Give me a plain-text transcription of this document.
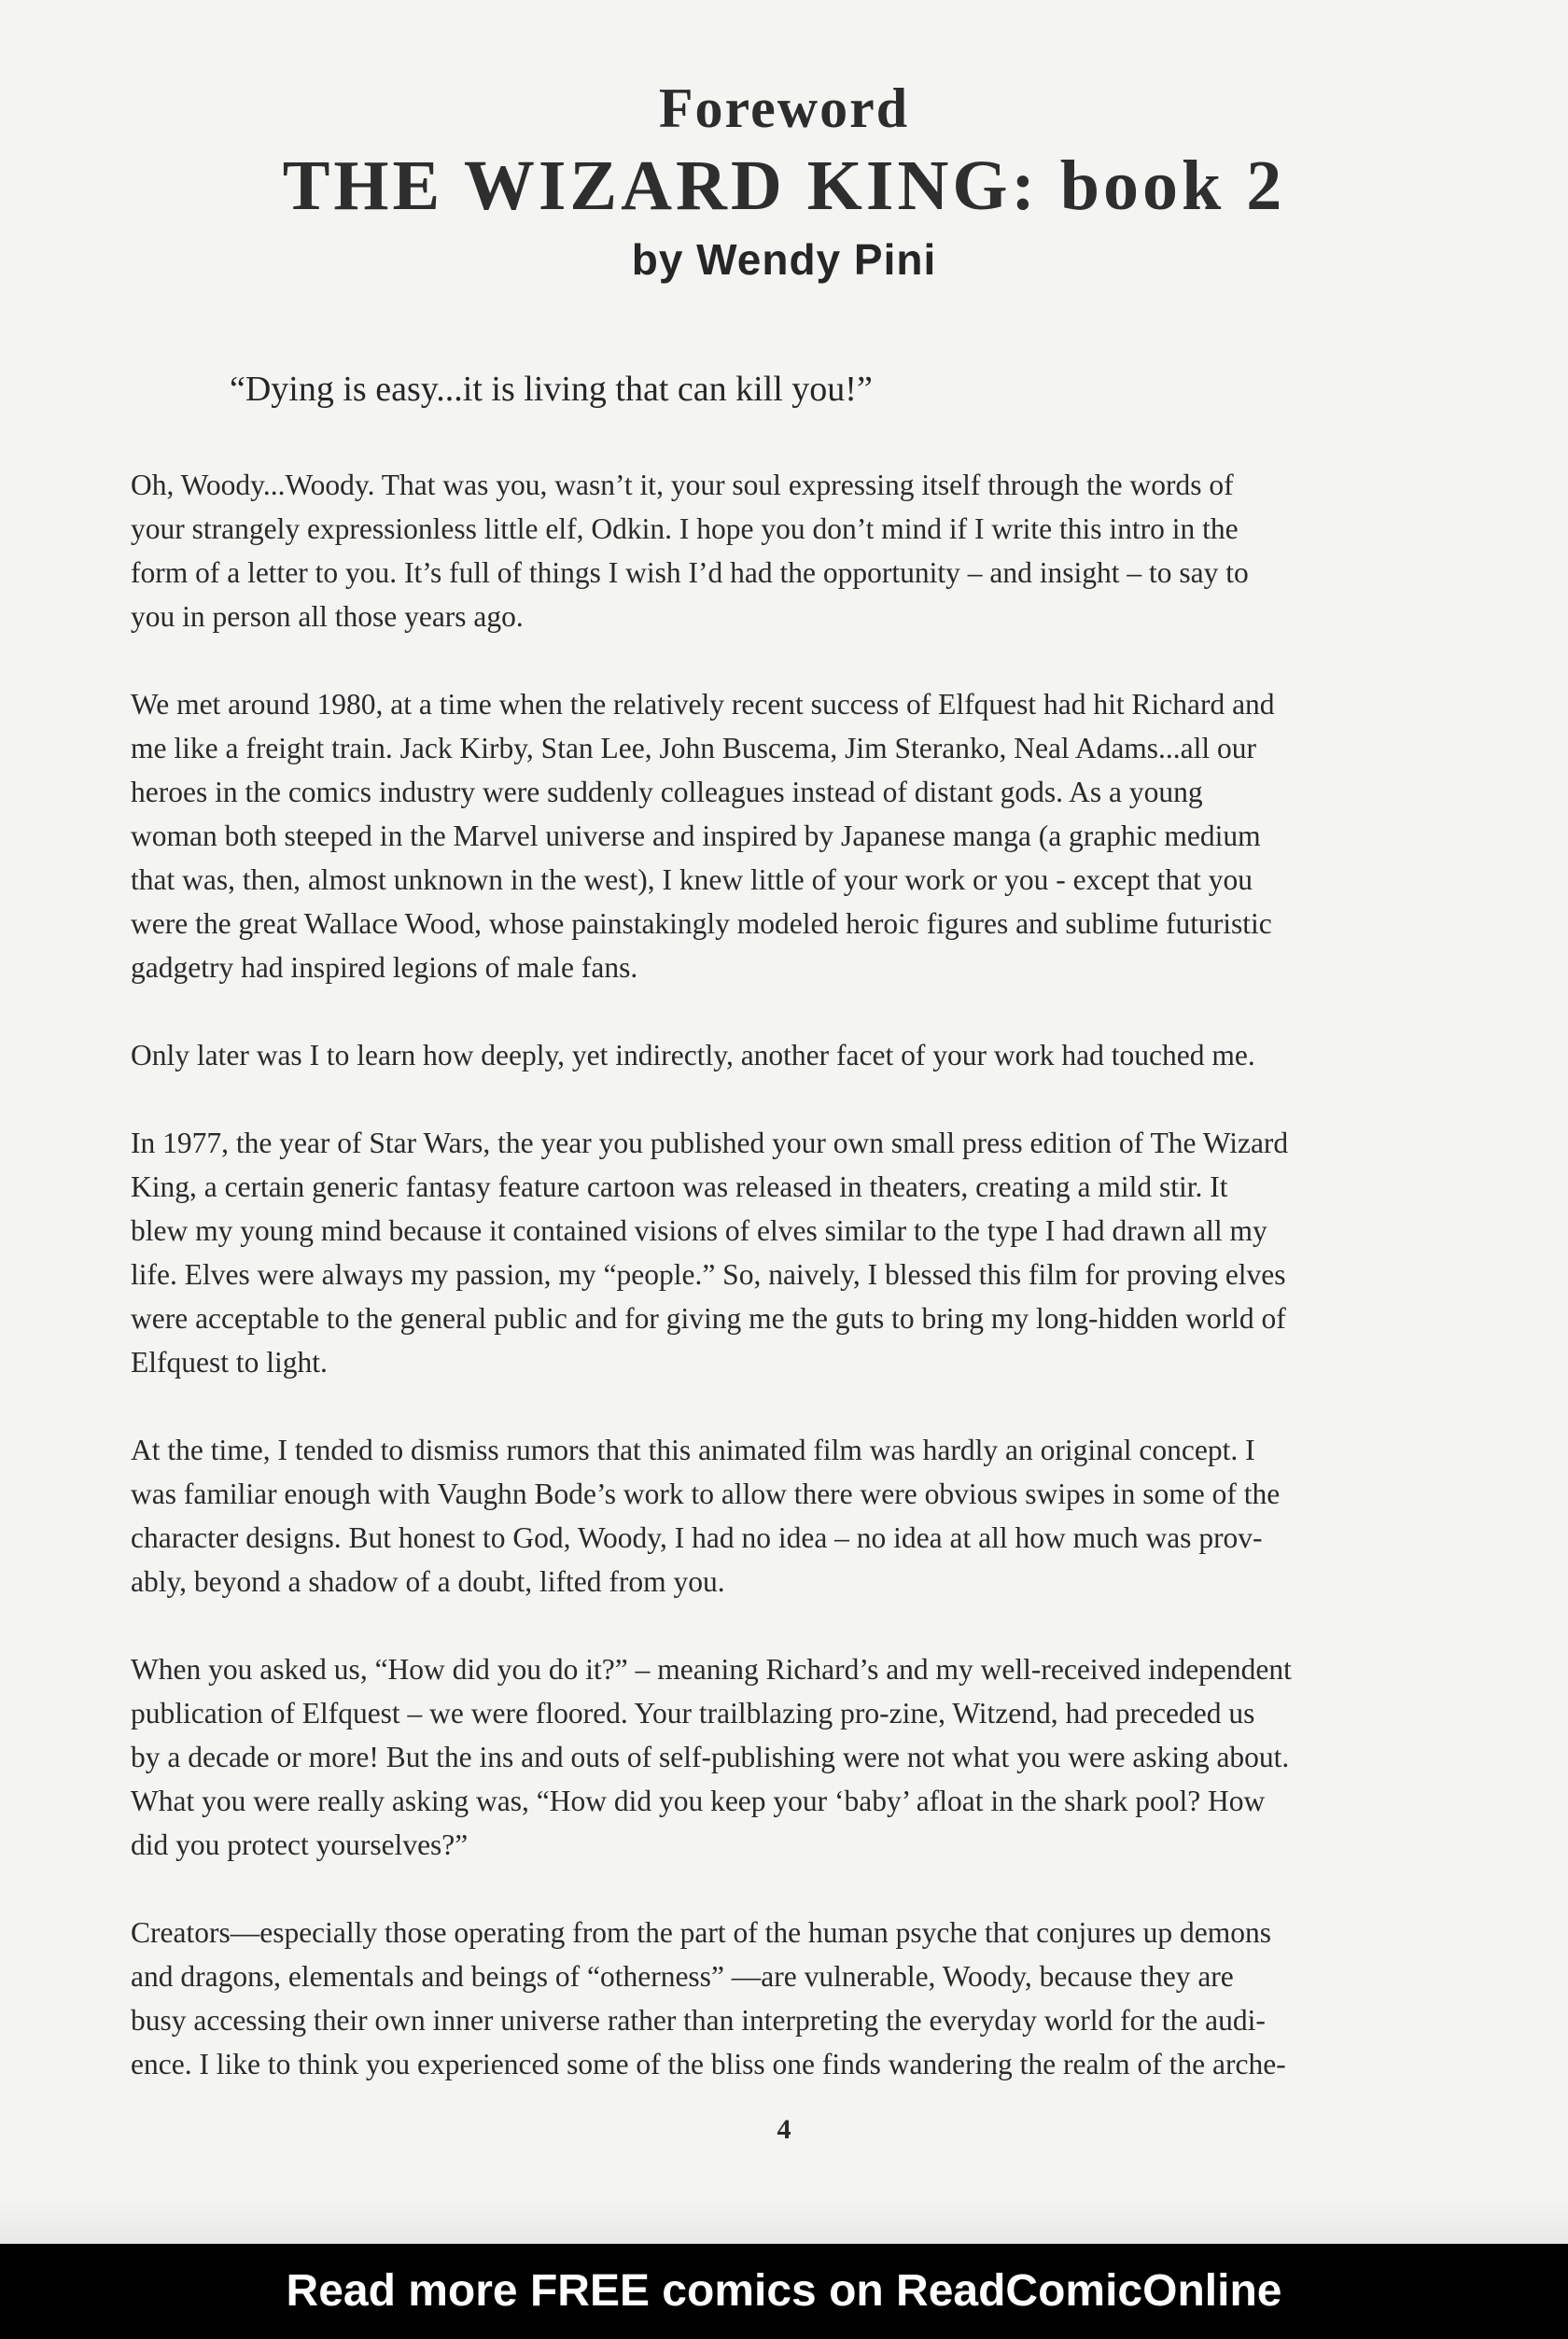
Foreword
THE WIZARD KING: book 2
by Wendy Pini
“Dying is easy...it is living that can kill you!”

Oh, Woody...Woody. That was you, wasn’t it, your soul expressing itself through the words of
your strangely expressionless little elf, Odkin. I hope you don’t mind if I write this intro in the
form of a letter to you. It’s full of things I wish I’d had the opportunity – and insight – to say to
you in person all those years ago.

We met around 1980, at a time when the relatively recent success of Elfquest had hit Richard and
me like a freight train. Jack Kirby, Stan Lee, John Buscema, Jim Steranko, Neal Adams...all our
heroes in the comics industry were suddenly colleagues instead of distant gods. As a young
woman both steeped in the Marvel universe and inspired by Japanese manga (a graphic medium
that was, then, almost unknown in the west), I knew little of your work or you - except that you
were the great Wallace Wood, whose painstakingly modeled heroic figures and sublime futuristic
gadgetry had inspired legions of male fans.

Only later was I to learn how deeply, yet indirectly, another facet of your work had touched me.

In 1977, the year of Star Wars, the year you published your own small press edition of The Wizard
King, a certain generic fantasy feature cartoon was released in theaters, creating a mild stir. It
blew my young mind because it contained visions of elves similar to the type I had drawn all my
life. Elves were always my passion, my “people.” So, naively, I blessed this film for proving elves
were acceptable to the general public and for giving me the guts to bring my long-hidden world of
Elfquest to light.

At the time, I tended to dismiss rumors that this animated film was hardly an original concept. I
was familiar enough with Vaughn Bode’s work to allow there were obvious swipes in some of the
character designs. But honest to God, Woody, I had no idea – no idea at all how much was prov-
ably, beyond a shadow of a doubt, lifted from you.

When you asked us, “How did you do it?” – meaning Richard’s and my well-received independent
publication of Elfquest – we were floored. Your trailblazing pro-zine, Witzend, had preceded us
by a decade or more! But the ins and outs of self-publishing were not what you were asking about.
What you were really asking was, “How did you keep your ‘baby’ afloat in the shark pool? How
did you protect yourselves?”

Creators—especially those operating from the part of the human psyche that conjures up demons
and dragons, elementals and beings of “otherness” —are vulnerable, Woody, because they are
busy accessing their own inner universe rather than interpreting the everyday world for the audi-
ence. I like to think you experienced some of the bliss one finds wandering the realm of the arche-

4
Read more FREE comics on ReadComicOnline
